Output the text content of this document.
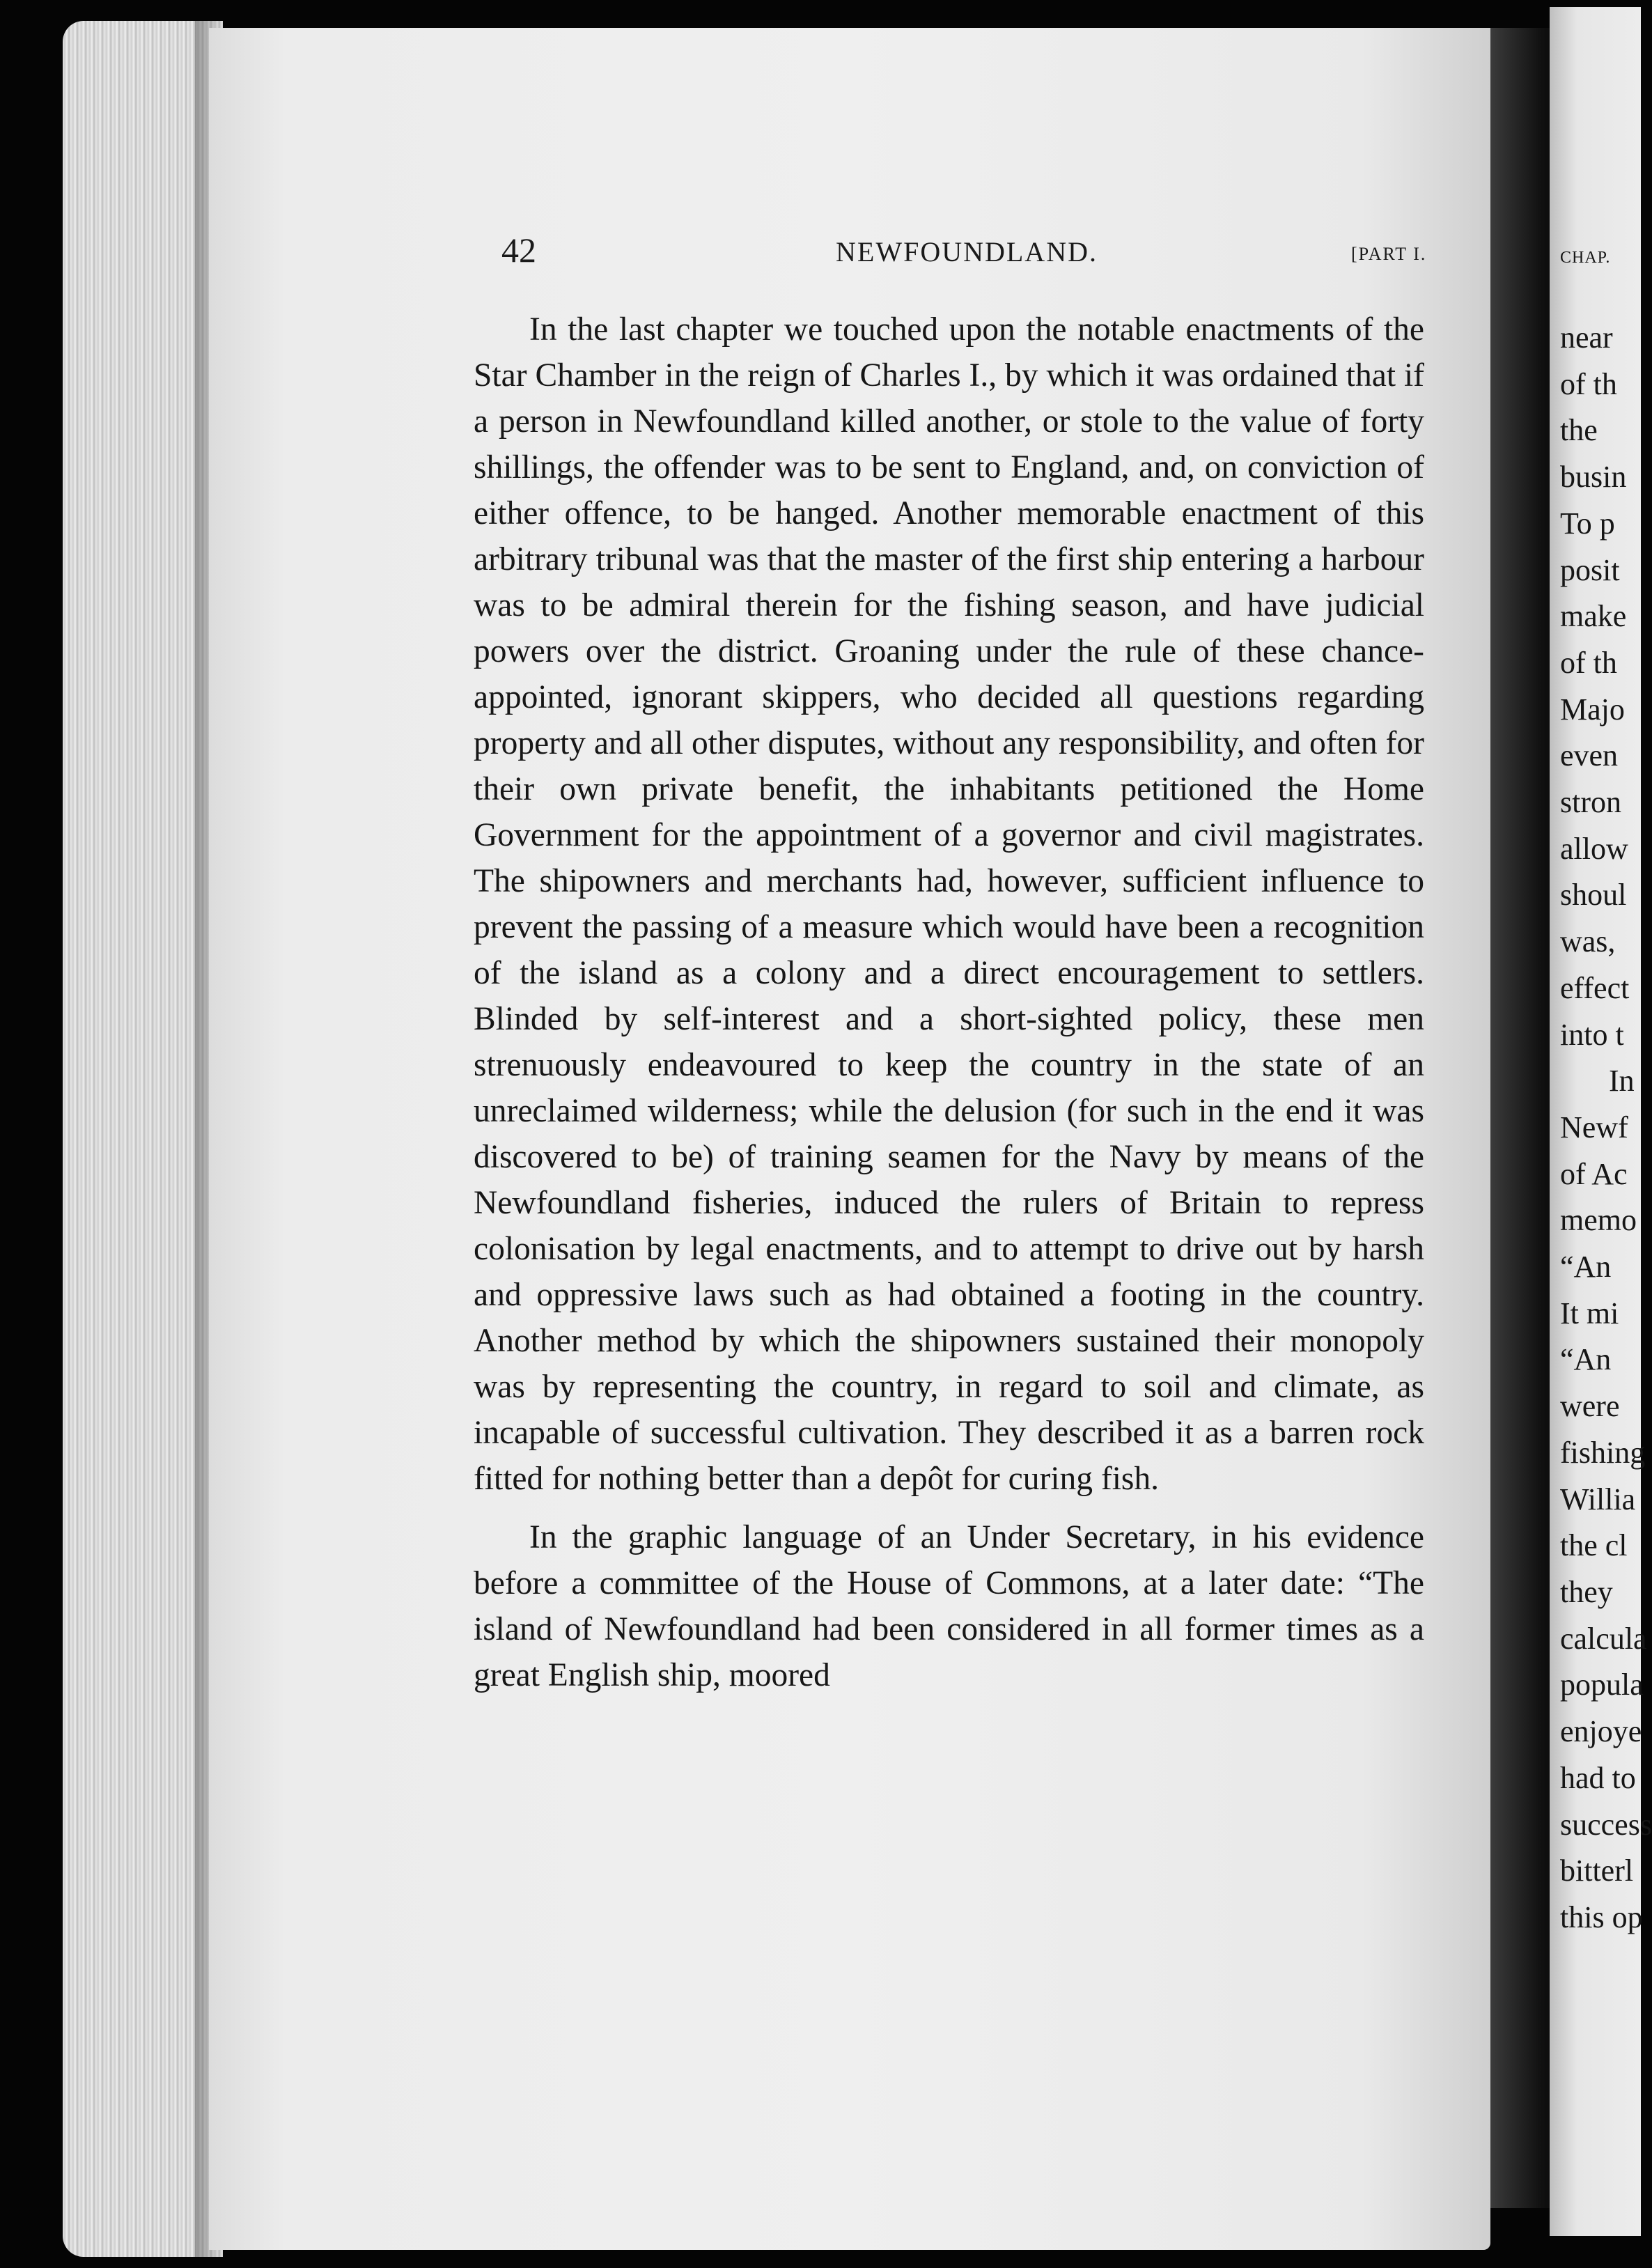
42	NEWFOUNDLAND.	[PART I.

In the last chapter we touched upon the notable enactments of the Star Chamber in the reign of Charles I., by which it was ordained that if a person in Newfoundland killed another, or stole to the value of forty shillings, the offender was to be sent to England, and, on conviction of either offence, to be hanged. Another memorable enactment of this arbitrary tribunal was that the master of the first ship entering a harbour was to be admiral therein for the fishing season, and have judicial powers over the district. Groaning under the rule of these chance-appointed, ignorant skippers, who decided all questions regarding property and all other disputes, without any responsibility, and often for their own private benefit, the inhabitants petitioned the Home Government for the appointment of a governor and civil magistrates. The shipowners and merchants had, however, sufficient influence to prevent the passing of a measure which would have been a recognition of the island as a colony and a direct encouragement to settlers. Blinded by self-interest and a short-sighted policy, these men strenuously endeavoured to keep the country in the state of an unreclaimed wilderness; while the delusion (for such in the end it was discovered to be) of training seamen for the Navy by means of the Newfoundland fisheries, induced the rulers of Britain to repress colonisation by legal enactments, and to attempt to drive out by harsh and oppressive laws such as had obtained a footing in the country. Another method by which the shipowners sustained their monopoly was by representing the country, in regard to soil and climate, as incapable of successful cultivation. They described it as a barren rock fitted for nothing better than a depôt for curing fish.

In the graphic language of an Under Secretary, in his evidence before a committee of the House of Commons, at a later date: “The island of Newfoundland had been considered in all former times as a great English ship, moored

CHAP.
near
of th
the
busin
To p
posit
make
of th
Majo
even
stron
allow
shoul
was,
effect
into t
In
Newf
of Ac
memo
“An
It mi
“An
were
fishing
Willia
the cl
they
calcula
popula
enjoye
had to
success
bitterl
this op
